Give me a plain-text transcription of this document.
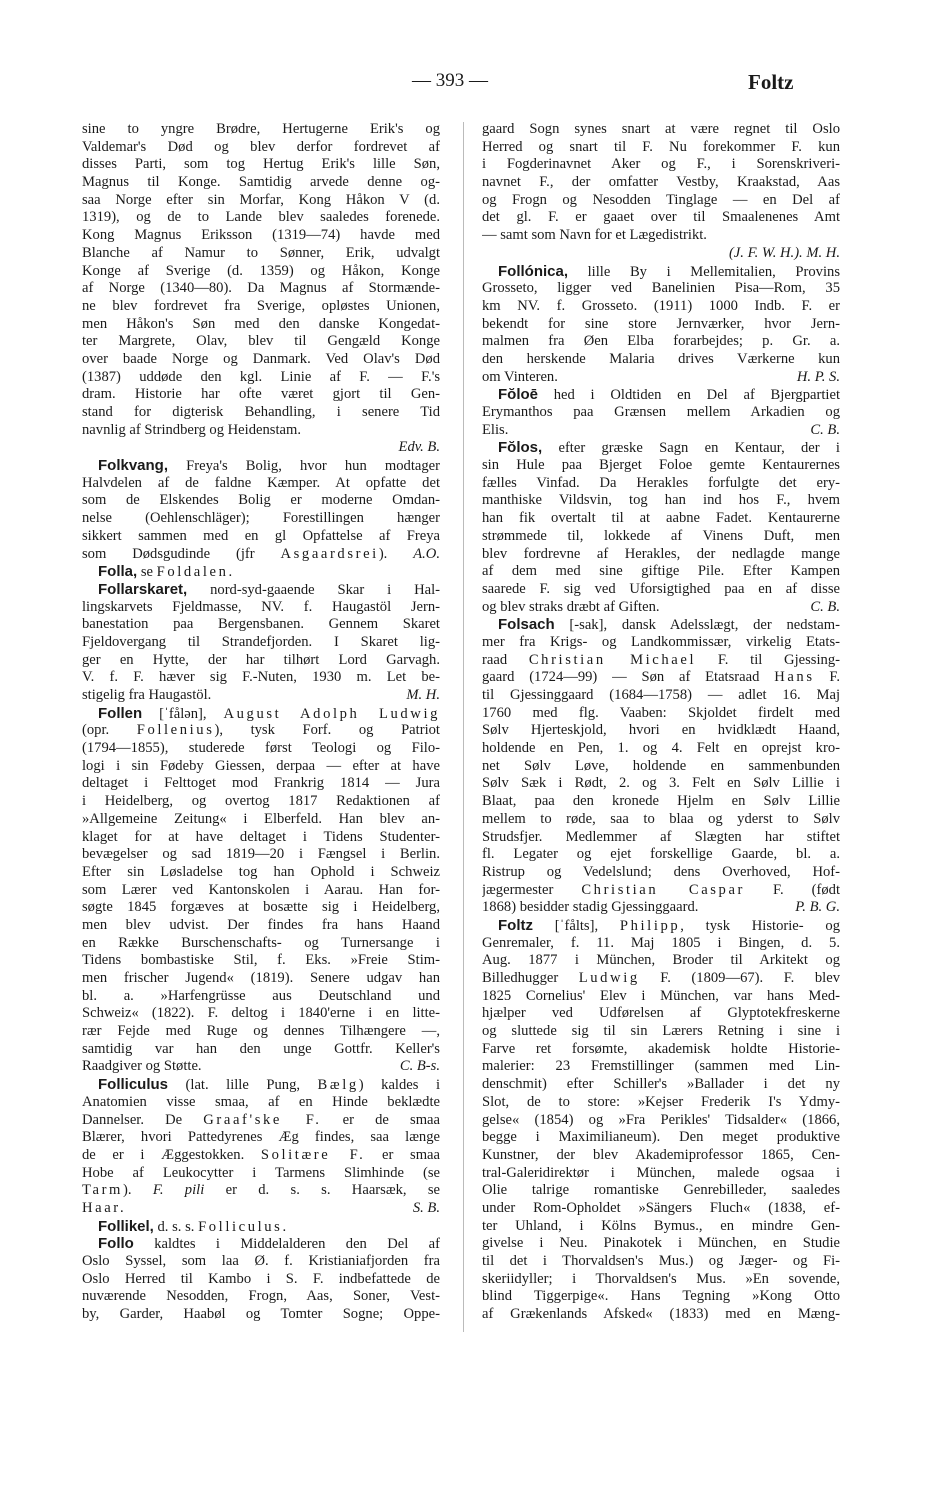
— 393 —	Foltz
sine to yngre Brødre, Hertugerne Erik's og
Valdemar's Død og blev derfor fordrevet af
disses Parti, som tog Hertug Erik's lille Søn,
Magnus til Konge. Samtidig arvede denne og-
saa Norge efter sin Morfar, Kong Håkon V (d.
1319), og de to Lande blev saaledes forenede.
Kong Magnus Eriksson (1319—74) havde med
Blanche af Namur to Sønner, Erik, udvalgt
Konge af Sverige (d. 1359) og Håkon, Konge
af Norge (1340—80). Da Magnus af Stormænde-
ne blev fordrevet fra Sverige, opløstes Unionen,
men Håkon's Søn med den danske Kongedat-
ter Margrete, Olav, blev til Gengæld Konge
over baade Norge og Danmark. Ved Olav's Død
(1387) uddøde den kgl. Linie af F. — F.'s
dram. Historie har ofte været gjort til Gen-
stand for digterisk Behandling, i senere Tid
navnlig af Strindberg og Heidenstam.
Edv. B.
Folkvang, Freya's Bolig, hvor hun modtager
Halvdelen af de faldne Kæmper. At opfatte det
som de Elskendes Bolig er moderne Omdan-
nelse (Oehlenschläger); Forestillingen hænger
sikkert sammen med en gl Opfattelse af Freya
som Dødsgudinde (jfr Asgaardsrei). A.O.
Folla, se Foldalen.
Follarskaret, nord-syd-gaaende Skar i Hal-
lingskarvets Fjeldmasse, NV. f. Haugastöl Jern-
banestation paa Bergensbanen. Gennem Skaret
Fjeldovergang til Strandefjorden. I Skaret lig-
ger en Hytte, der har tilhørt Lord Garvagh.
V. f. F. hæver sig F.-Nuten, 1930 m. Let be-
stigelig fra Haugastöl.	M. H.
Follen [ˈfålən], August Adolph Ludwig
(opr. Follenius), tysk Forf. og Patriot
(1794—1855), studerede først Teologi og Filo-
logi i sin Fødeby Giessen, derpaa — efter at have
deltaget i Felttoget mod Frankrig 1814 — Jura
i Heidelberg, og overtog 1817 Redaktionen af
»Allgemeine Zeitung« i Elberfeld. Han blev an-
klaget for at have deltaget i Tidens Studenter-
bevægelser og sad 1819—20 i Fængsel i Berlin.
Efter sin Løsladelse tog han Ophold i Schweiz
som Lærer ved Kantonskolen i Aarau. Han for-
søgte 1845 forgæves at bosætte sig i Heidelberg,
men blev udvist. Der findes fra hans Haand
en Række Burschenschafts- og Turnersange i
Tidens bombastiske Stil, f. Eks. »Freie Stim-
men frischer Jugend« (1819). Senere udgav han
bl. a. »Harfengrüsse aus Deutschland und
Schweiz« (1822). F. deltog i 1840'erne i en litte-
rær Fejde med Ruge og dennes Tilhængere —,
samtidig var han den unge Gottfr. Keller's
Raadgiver og Støtte.	C. B-s.
Folliculus (lat. lille Pung, Bælg) kaldes i
Anatomien visse smaa, af en Hinde beklædte
Dannelser. De Graaf'ske F. er de smaa
Blærer, hvori Pattedyrenes Æg findes, saa længe
de er i Æggestokken. Solitære F. er smaa
Hobe af Leukocytter i Tarmens Slimhinde (se
Tarm). F. pili er d. s. s. Haarsæk, se
Haar.	S. B.
Follikel, d. s. s. Folliculus.
Follo kaldtes i Middelalderen den Del af
Oslo Syssel, som laa Ø. f. Kristianiafjorden fra
Oslo Herred til Kambo i S. F. indbefattede de
nuværende Nesodden, Frogn, Aas, Soner, Vest-
by, Garder, Haabøl og Tomter Sogne; Oppe-
gaard Sogn synes snart at være regnet til Oslo
Herred og snart til F. Nu forekommer F. kun
i Fogderinavnet Aker og F., i Sorenskriveri-
navnet F., der omfatter Vestby, Kraakstad, Aas
og Frogn og Nesodden Tinglage — en Del af
det gl. F. er gaaet over til Smaalenenes Amt
— samt som Navn for et Lægedistrikt.
(J. F. W. H.). M. H.
Follónica, lille By i Mellemitalien, Provins
Grosseto, ligger ved Banelinien Pisa—Rom, 35
km NV. f. Grosseto. (1911) 1000 Indb. F. er
bekendt for sine store Jernværker, hvor Jern-
malmen fra Øen Elba forarbejdes; p. Gr. a.
den herskende Malaria drives Værkerne kun
om Vinteren.	H. P. S.
Fŏloē hed i Oldtiden en Del af Bjergpartiet
Erymanthos paa Grænsen mellem Arkadien og
Elis.	C. B.
Fŏlos, efter græske Sagn en Kentaur, der i
sin Hule paa Bjerget Foloe gemte Kentaurernes
fælles Vinfad. Da Herakles forfulgte det ery-
manthiske Vildsvin, tog han ind hos F., hvem
han fik overtalt til at aabne Fadet. Kentaurerne
strømmede til, lokkede af Vinens Duft, men
blev fordrevne af Herakles, der nedlagde mange
af dem med sine giftige Pile. Efter Kampen
saarede F. sig ved Uforsigtighed paa en af disse
og blev straks dræbt af Giften.	C. B.
Folsach [-sak], dansk Adelsslægt, der nedstam-
mer fra Krigs- og Landkommissær, virkelig Etats-
raad Christian Michael F. til Gjessing-
gaard (1724—99) — Søn af Etatsraad Hans F.
til Gjessinggaard (1684—1758) — adlet 16. Maj
1760 med flg. Vaaben: Skjoldet firdelt med
Sølv Hjerteskjold, hvori en hvidklædt Haand,
holdende en Pen, 1. og 4. Felt en oprejst kro-
net Sølv Løve, holdende en sammenbunden
Sølv Sæk i Rødt, 2. og 3. Felt en Sølv Lillie i
Blaat, paa den kronede Hjelm en Sølv Lillie
mellem to røde, saa to blaa og yderst to Sølv
Strudsfjer. Medlemmer af Slægten har stiftet
fl. Legater og ejet forskellige Gaarde, bl. a.
Ristrup og Vedelslund; dens Overhoved, Hof-
jægermester Christian Caspar F. (født
1868) besidder stadig Gjessinggaard.	P. B. G.
Foltz [ˈfålts], Philipp, tysk Historie- og
Genremaler, f. 11. Maj 1805 i Bingen, d. 5.
Aug. 1877 i München, Broder til Arkitekt og
Billedhugger Ludwig F. (1809—67). F. blev
1825 Cornelius' Elev i München, var hans Med-
hjælper ved Udførelsen af Glyptotekfreskerne
og sluttede sig til sin Lærers Retning i sine i
Farve ret forsømte, akademisk holdte Historie-
malerier: 23 Fremstillinger (sammen med Lin-
denschmit) efter Schiller's »Ballader i det ny
Slot, de to store: »Kejser Frederik I's Ydmy-
gelse« (1854) og »Fra Perikles' Tidsalder« (1866,
begge i Maximilianeum). Den meget produktive
Kunstner, der blev Akademiprofessor 1865, Cen-
tral-Galeridirektør i München, malede ogsaa i
Olie talrige romantiske Genrebilleder, saaledes
under Rom-Opholdet »Sängers Fluch« (1838, ef-
ter Uhland, i Kölns Bymus., en mindre Gen-
givelse i Neu. Pinakotek i München, en Studie
til det i Thorvaldsen's Mus.) og Jæger- og Fi-
skeriidyller; i Thorvaldsen's Mus. »En sovende,
blind Tiggerpige«. Hans Tegning »Kong Otto
af Grækenlands Afsked« (1833) med en Mæng-
